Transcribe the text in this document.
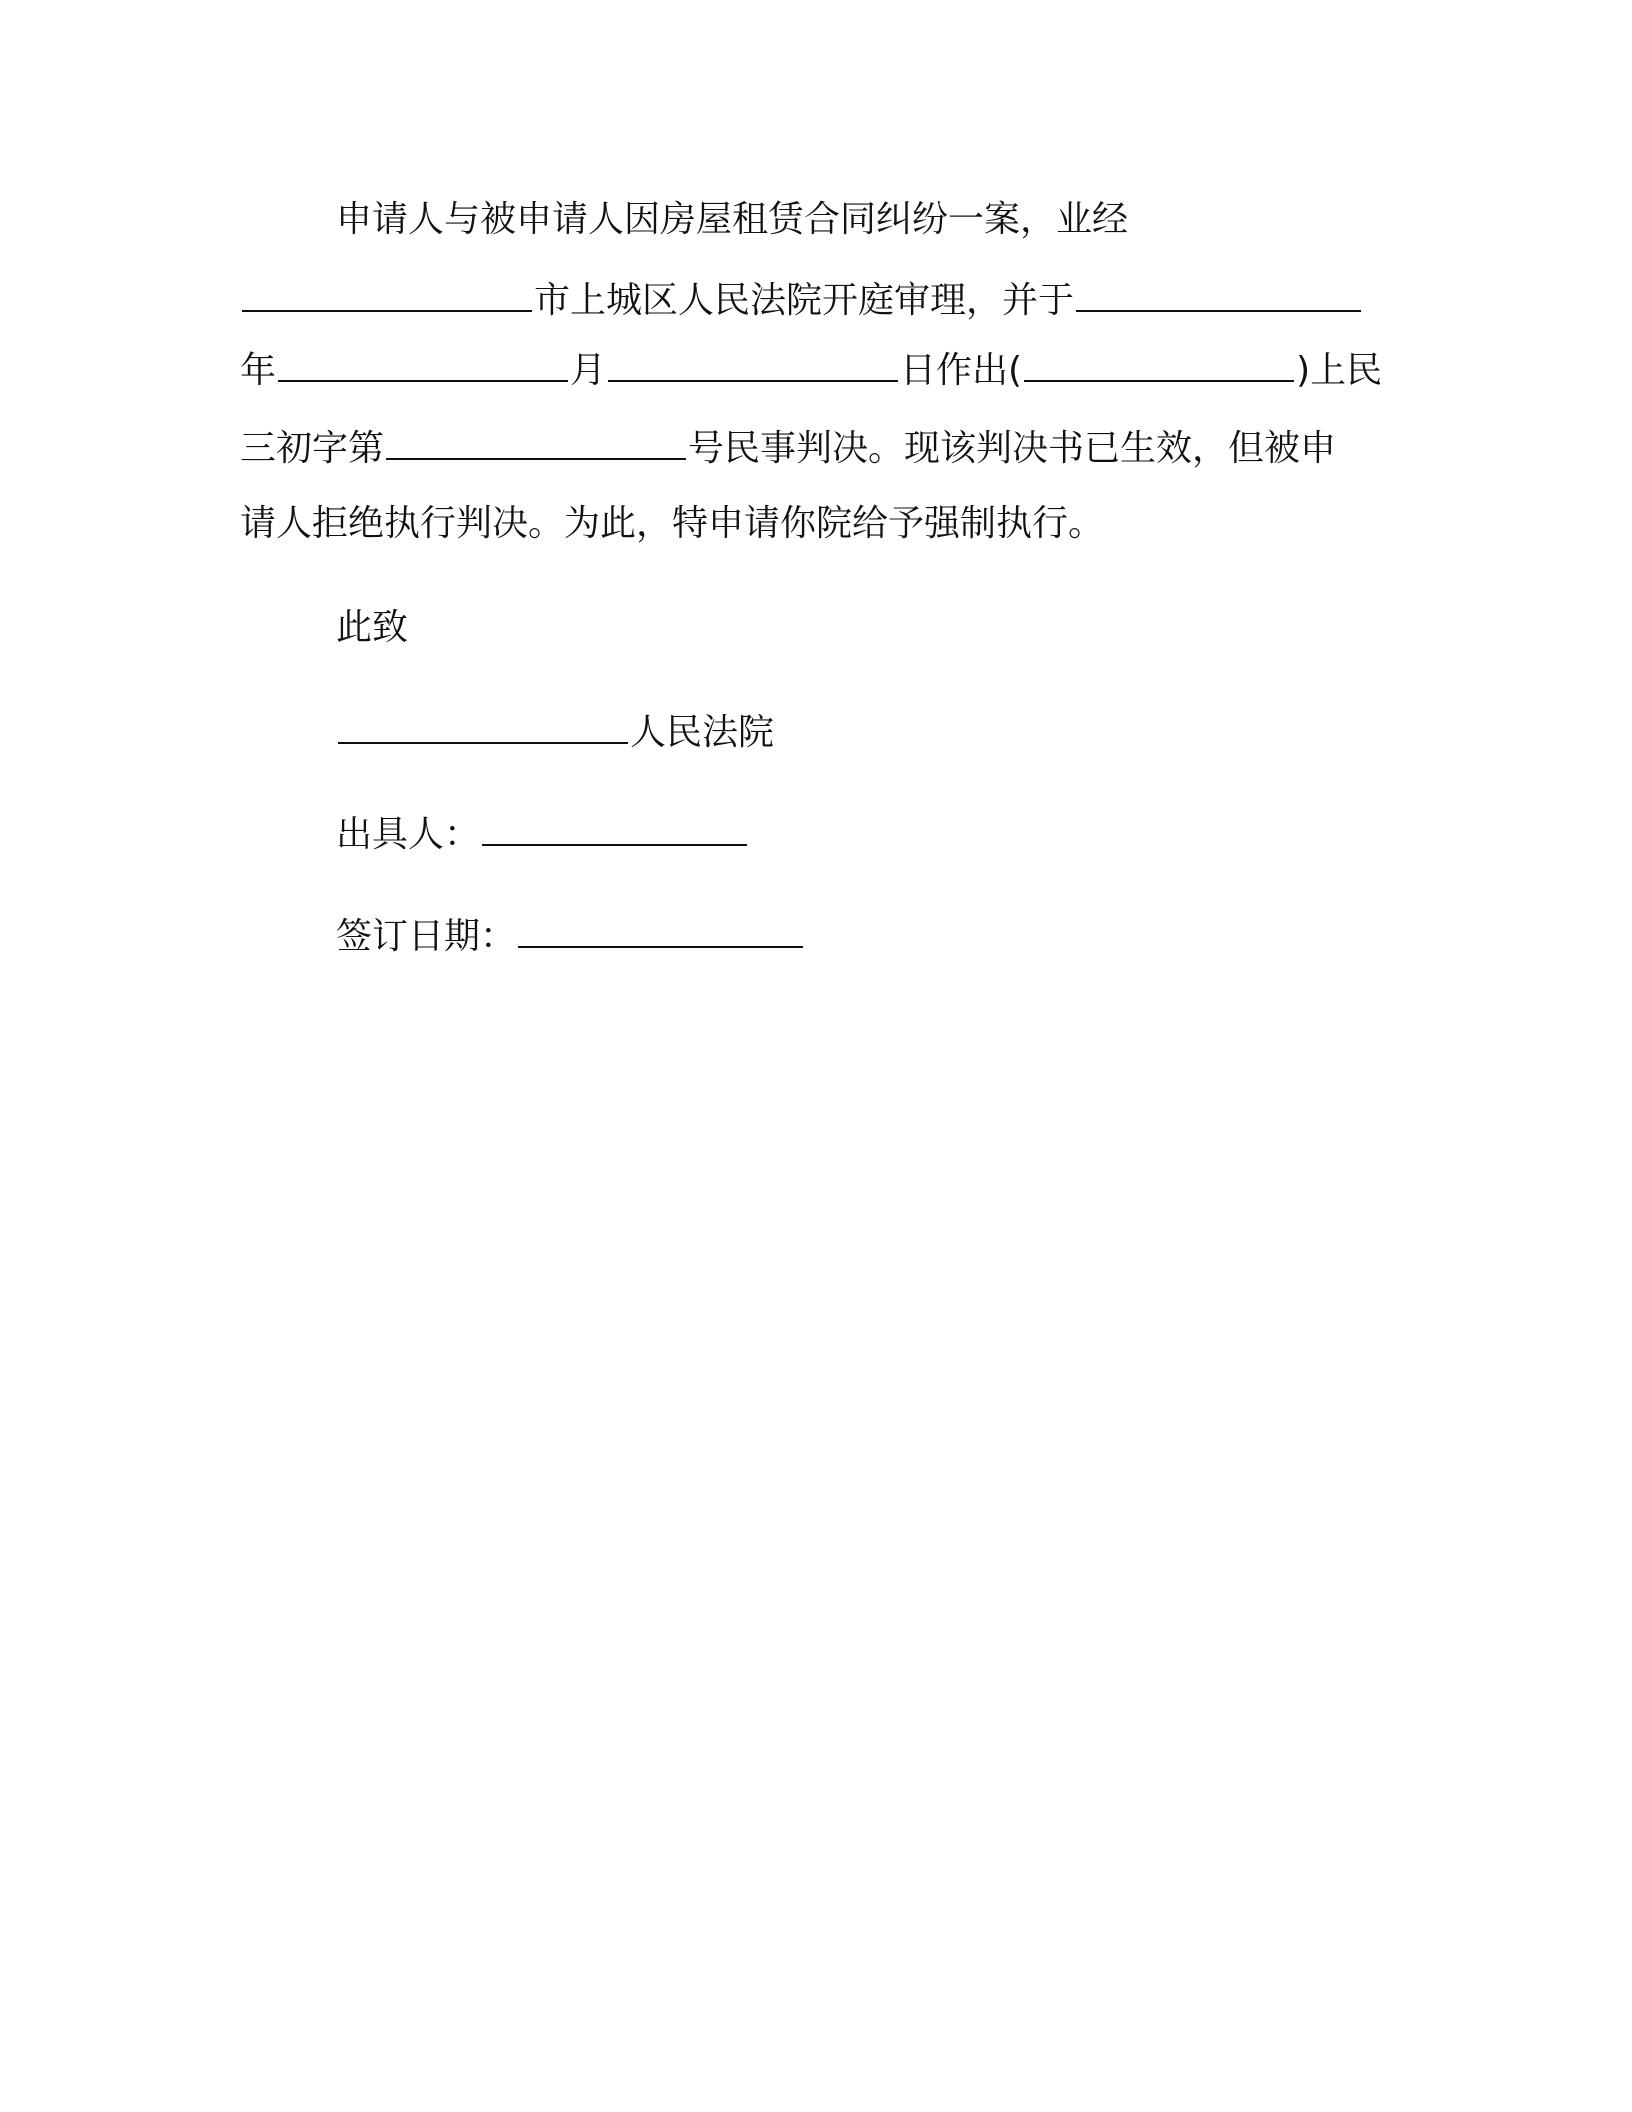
申请人与被申请人因房屋租赁合同纠纷一案，业经
市上城区人民法院开庭审理，并于
年	月	日作出(	)上民
三初字第	号民事判决。现该判决书已生效，但被申
请人拒绝执行判决。为此，特申请你院给予强制执行。
此致
人民法院
出具人：
签订日期：
